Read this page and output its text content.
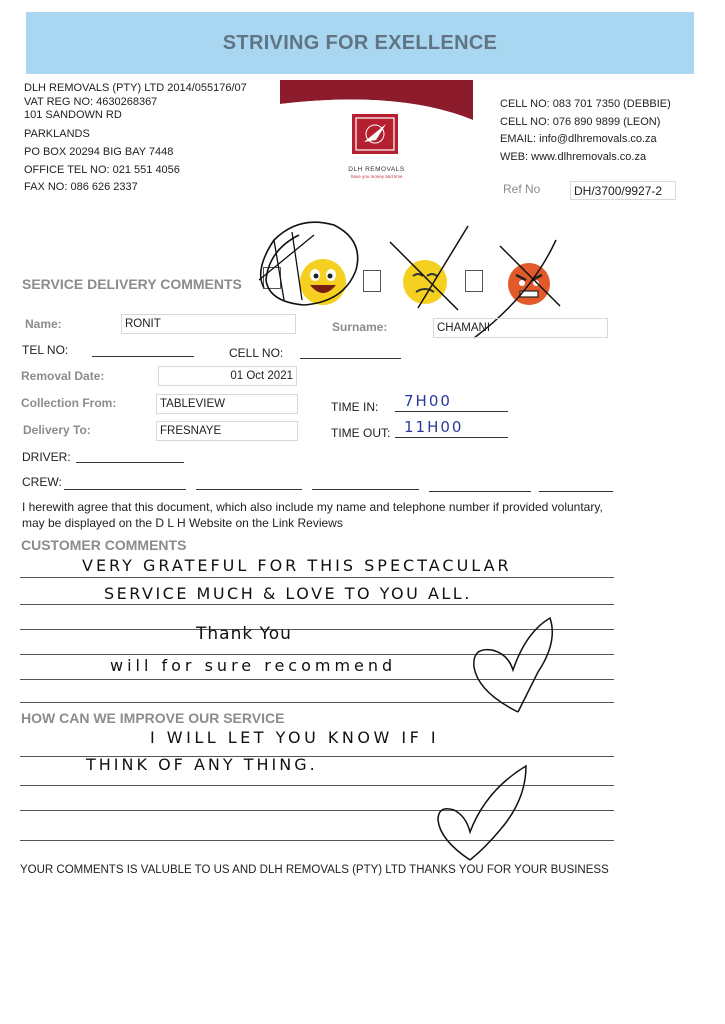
STRIVING FOR EXELLENCE
DLH REMOVALS (PTY) LTD 2014/055176/07
VAT REG NO: 4630268367
101 SANDOWN RD
PARKLANDS
PO BOX 20294 BIG BAY 7448
OFFICE TEL NO: 021 551 4056
FAX NO: 086 626 2337
DLH REMOVALS
Save you money and time
CELL NO: 083 701 7350 (DEBBIE)
CELL NO: 076 890 9899 (LEON)
EMAIL: info@dlhremovals.co.za
WEB: www.dlhremovals.co.za
Ref No	DH/3700/9927-2
SERVICE DELIVERY COMMENTS
Name:	RONIT	Surname:	CHAMANI
TEL NO:	CELL NO:
Removal Date:	01 Oct 2021
Collection From:	TABLEVIEW	TIME IN: 7H00
Delivery To:	FRESNAYE	TIME OUT: 11H00
DRIVER:
CREW:
I herewith agree that this document, which also include my name and telephone number if provided voluntary,
may be displayed on the D L H Website on the Link Reviews
CUSTOMER COMMENTS
VERY GRATEFUL FOR THIS SPECTACULAR
SERVICE MUCH & LOVE TO YOU ALL.
Thank You
will for sure recommend
HOW CAN WE IMPROVE OUR SERVICE
I WILL LET YOU KNOW IF I
THINK OF ANY THING.
YOUR COMMENTS IS VALUBLE TO US AND DLH REMOVALS (PTY) LTD THANKS YOU FOR YOUR BUSINESS
